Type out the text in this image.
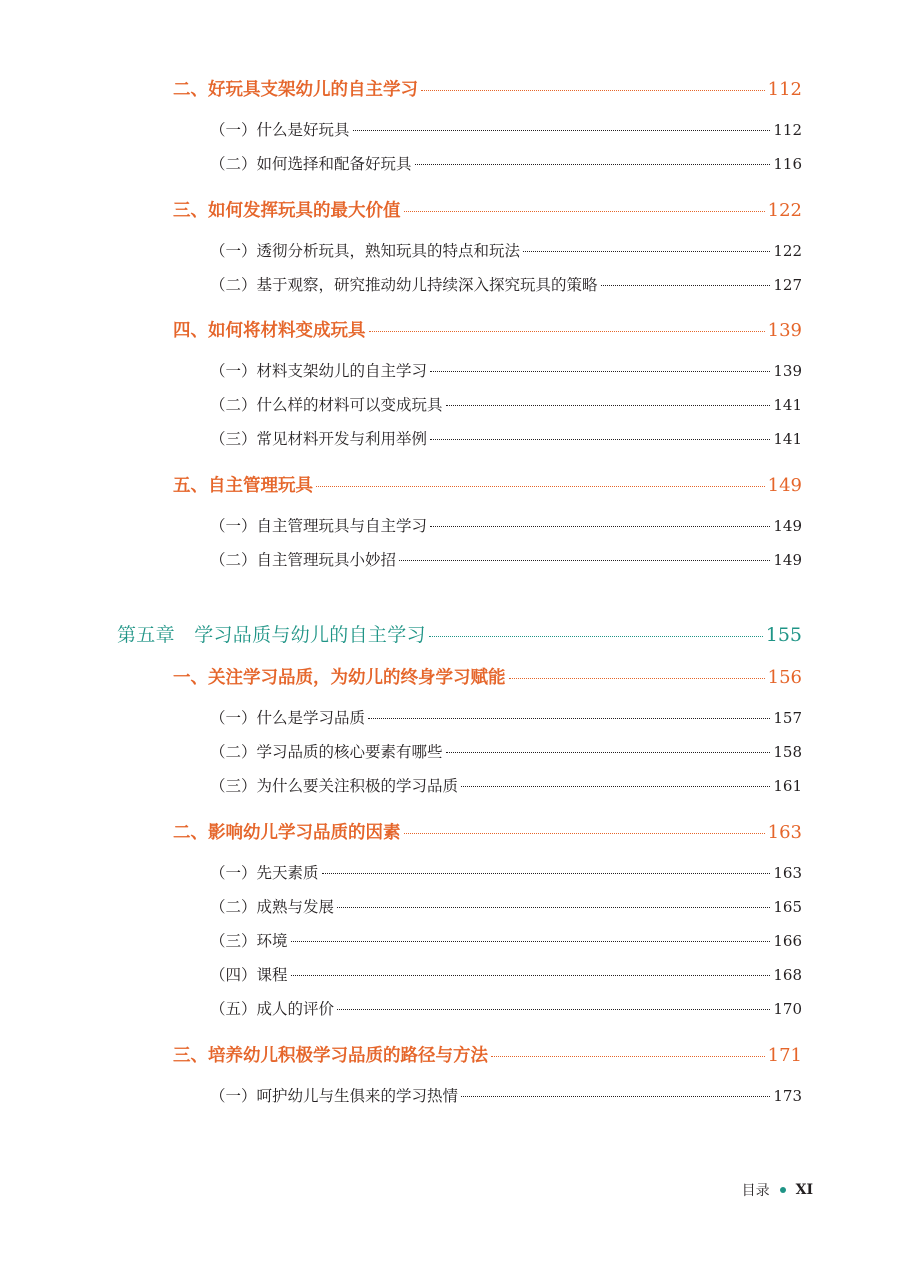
二、好玩具支架幼儿的自主学习	112
（一）什么是好玩具	112
（二）如何选择和配备好玩具	116
三、如何发挥玩具的最大价值	122
（一）透彻分析玩具，熟知玩具的特点和玩法	122
（二）基于观察，研究推动幼儿持续深入探究玩具的策略	127
四、如何将材料变成玩具	139
（一）材料支架幼儿的自主学习	139
（二）什么样的材料可以变成玩具	141
（三）常见材料开发与利用举例	141
五、自主管理玩具	149
（一）自主管理玩具与自主学习	149
（二）自主管理玩具小妙招	149
第五章　学习品质与幼儿的自主学习	155
一、关注学习品质，为幼儿的终身学习赋能	156
（一）什么是学习品质	157
（二）学习品质的核心要素有哪些	158
（三）为什么要关注积极的学习品质	161
二、影响幼儿学习品质的因素	163
（一）先天素质	163
（二）成熟与发展	165
（三）环境	166
（四）课程	168
（五）成人的评价	170
三、培养幼儿积极学习品质的路径与方法	171
（一）呵护幼儿与生俱来的学习热情	173
目录 XI
